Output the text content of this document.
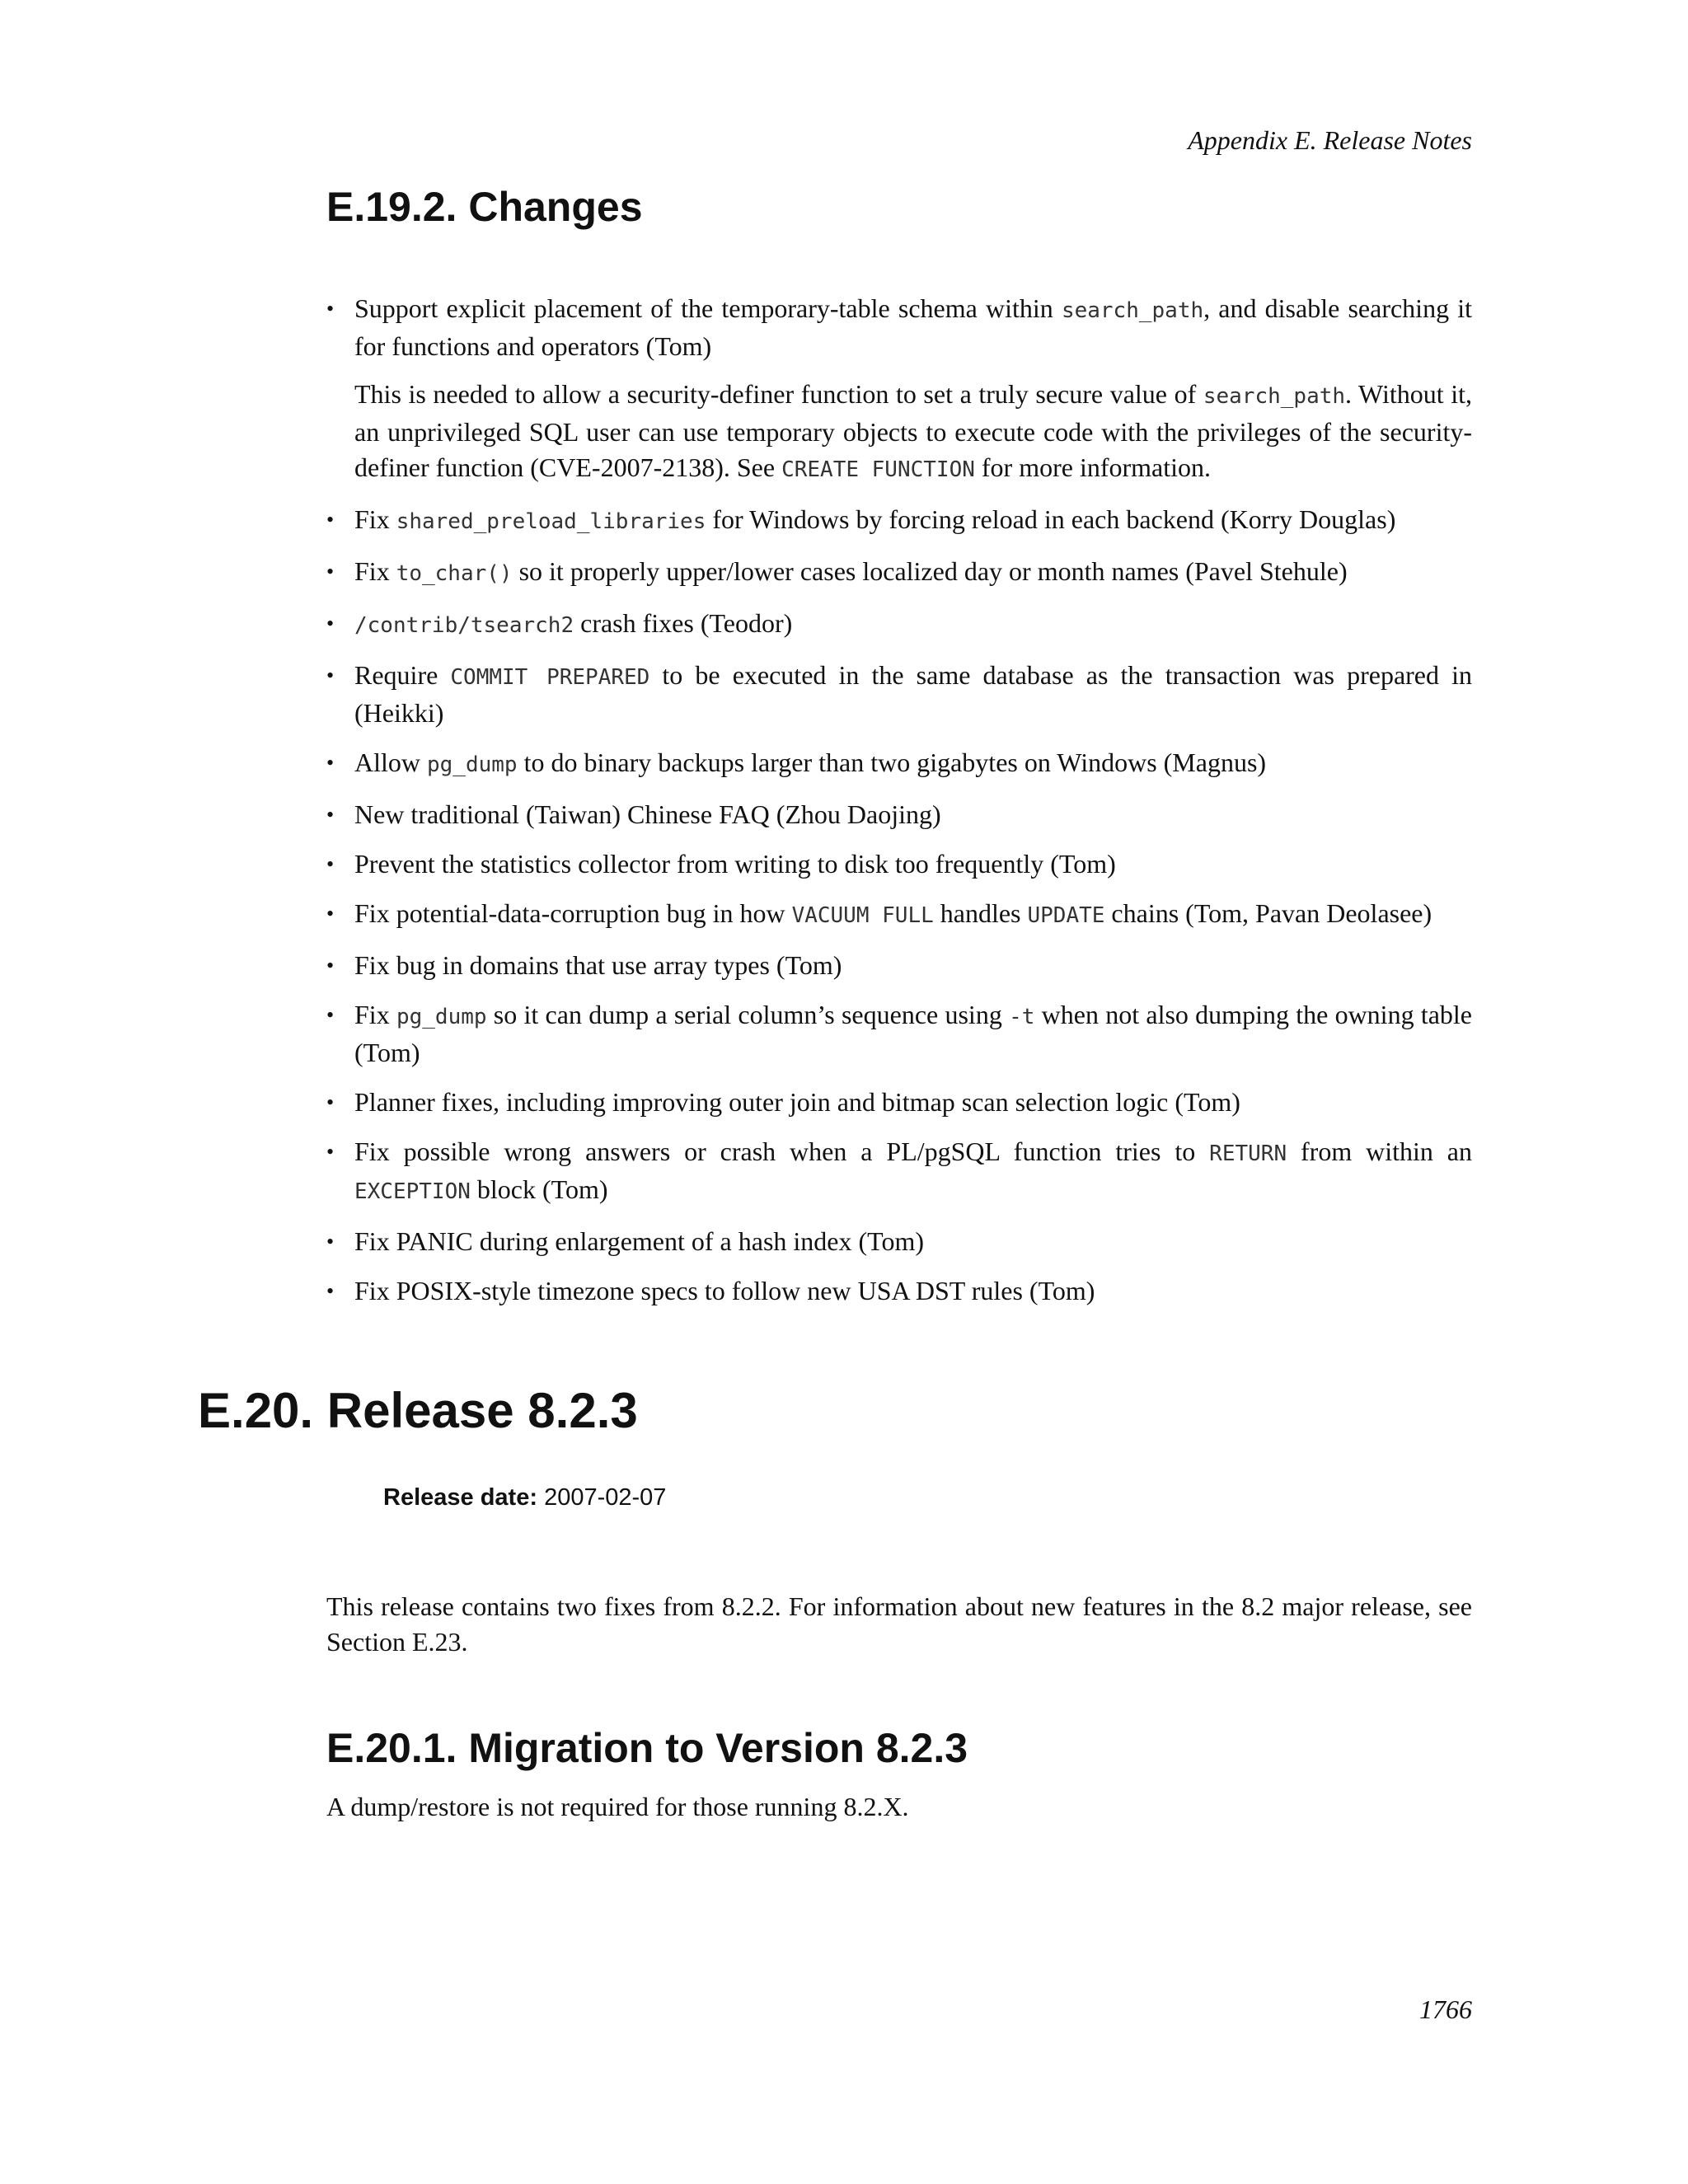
Appendix E. Release Notes
E.19.2. Changes

• Support explicit placement of the temporary-table schema within search_path, and disable searching it for functions and operators (Tom)

This is needed to allow a security-definer function to set a truly secure value of search_path. Without it, an unprivileged SQL user can use temporary objects to execute code with the privileges of the security-definer function (CVE-2007-2138). See CREATE FUNCTION for more information.

• Fix shared_preload_libraries for Windows by forcing reload in each backend (Korry Douglas)

• Fix to_char() so it properly upper/lower cases localized day or month names (Pavel Stehule)

• /contrib/tsearch2 crash fixes (Teodor)

• Require COMMIT PREPARED to be executed in the same database as the transaction was prepared in (Heikki)

• Allow pg_dump to do binary backups larger than two gigabytes on Windows (Magnus)

• New traditional (Taiwan) Chinese FAQ (Zhou Daojing)

• Prevent the statistics collector from writing to disk too frequently (Tom)

• Fix potential-data-corruption bug in how VACUUM FULL handles UPDATE chains (Tom, Pavan Deolasee)

• Fix bug in domains that use array types (Tom)

• Fix pg_dump so it can dump a serial column’s sequence using -t when not also dumping the owning table (Tom)

• Planner fixes, including improving outer join and bitmap scan selection logic (Tom)

• Fix possible wrong answers or crash when a PL/pgSQL function tries to RETURN from within an EXCEPTION block (Tom)

• Fix PANIC during enlargement of a hash index (Tom)

• Fix POSIX-style timezone specs to follow new USA DST rules (Tom)

E.20. Release 8.2.3
Release date: 2007-02-07

This release contains two fixes from 8.2.2. For information about new features in the 8.2 major release, see Section E.23.

E.20.1. Migration to Version 8.2.3

A dump/restore is not required for those running 8.2.X.

1766
